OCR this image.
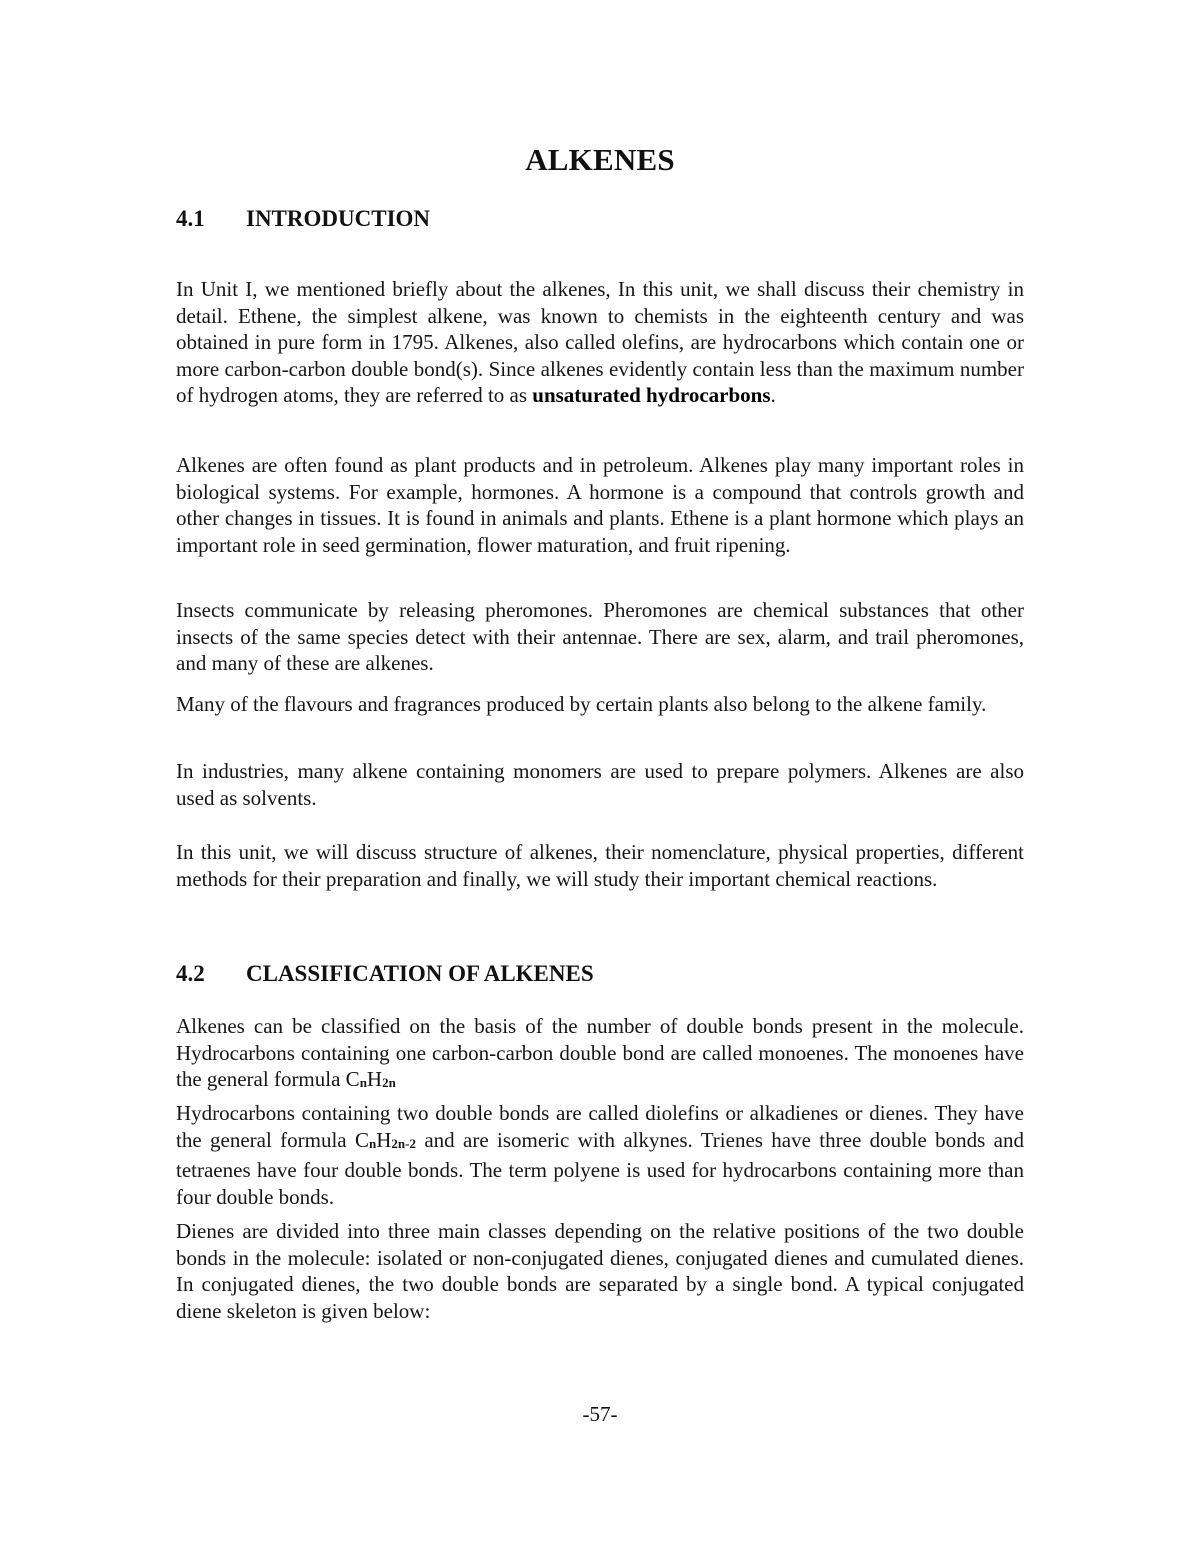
ALKENES
4.1 INTRODUCTION

In Unit I, we mentioned briefly about the alkenes, In this unit, we shall discuss their chemistry in detail. Ethene, the simplest alkene, was known to chemists in the eighteenth century and was obtained in pure form in 1795. Alkenes, also called olefins, are hydrocarbons which contain one or more carbon-carbon double bond(s). Since alkenes evidently contain less than the maximum number of hydrogen atoms, they are referred to as unsaturated hydrocarbons.

Alkenes are often found as plant products and in petroleum. Alkenes play many important roles in biological systems. For example, hormones. A hormone is a compound that controls growth and other changes in tissues. It is found in animals and plants. Ethene is a plant hormone which plays an important role in seed germination, flower maturation, and fruit ripening.

Insects communicate by releasing pheromones. Pheromones are chemical substances that other insects of the same species detect with their antennae. There are sex, alarm, and trail pheromones, and many of these are alkenes.

Many of the flavours and fragrances produced by certain plants also belong to the alkene family.

In industries, many alkene containing monomers are used to prepare polymers. Alkenes are also used as solvents.

In this unit, we will discuss structure of alkenes, their nomenclature, physical properties, different methods for their preparation and finally, we will study their important chemical reactions.

4.2 CLASSIFICATION OF ALKENES

Alkenes can be classified on the basis of the number of double bonds present in the molecule. Hydrocarbons containing one carbon-carbon double bond are called monoenes. The monoenes have the general formula CnH2n

Hydrocarbons containing two double bonds are called diolefins or alkadienes or dienes. They have the general formula CnH2n-2 and are isomeric with alkynes. Trienes have three double bonds and tetraenes have four double bonds. The term polyene is used for hydrocarbons containing more than four double bonds.

Dienes are divided into three main classes depending on the relative positions of the two double bonds in the molecule: isolated or non-conjugated dienes, conjugated dienes and cumulated dienes. In conjugated dienes, the two double bonds are separated by a single bond. A typical conjugated diene skeleton is given below:

-57-
